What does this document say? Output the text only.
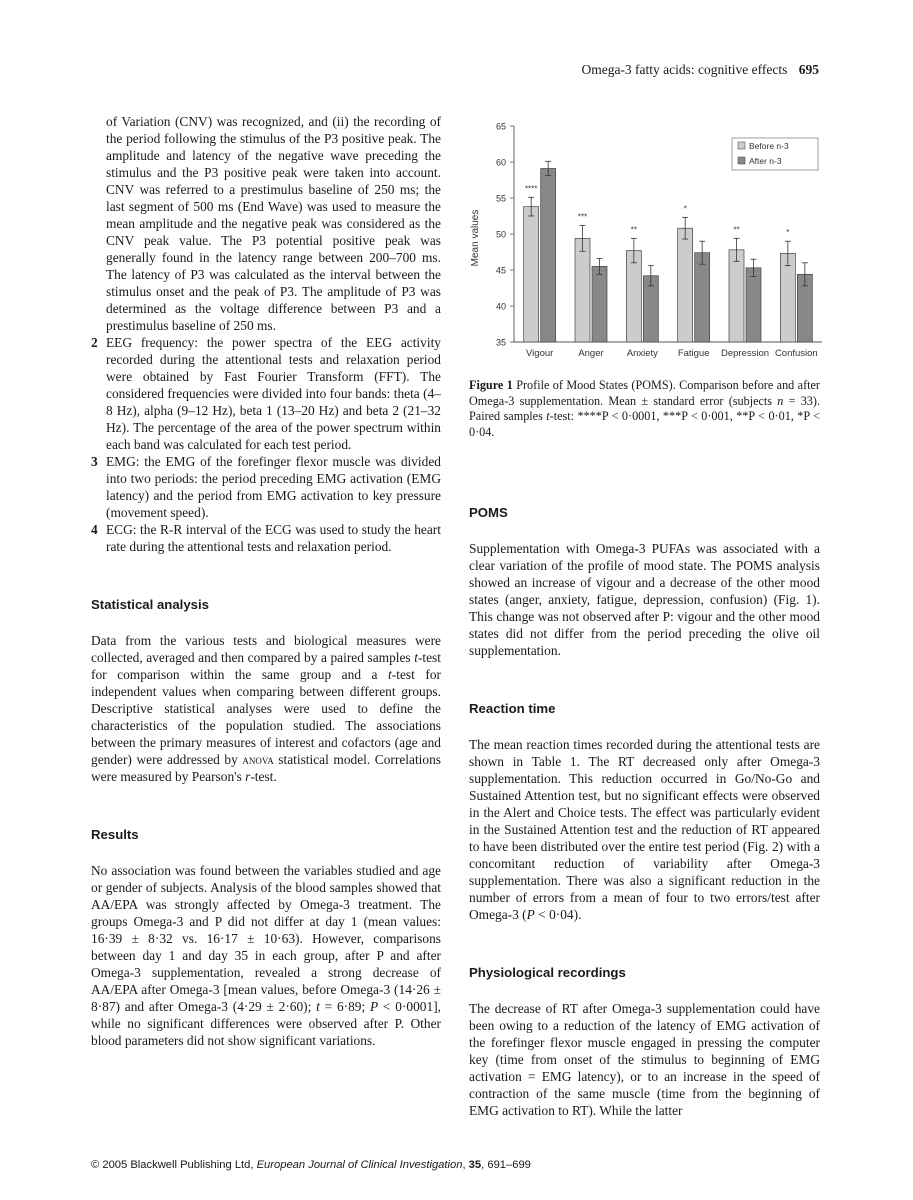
Omega-3 fatty acids: cognitive effects 695

of Variation (CNV) was recognized, and (ii) the recording of the period following the stimulus of the P3 positive peak. The amplitude and latency of the negative wave preceding the stimulus and the P3 positive peak were taken into account. CNV was referred to a prestimulus baseline of 250 ms; the last segment of 500 ms (End Wave) was used to measure the mean amplitude and the negative peak was considered as the CNV peak value. The P3 potential positive peak was generally found in the latency range between 200–700 ms. The latency of P3 was calculated as the interval between the stimulus onset and the peak of P3. The amplitude of P3 was determined as the voltage difference between P3 and a prestimulus baseline of 250 ms.

2 EEG frequency: the power spectra of the EEG activity recorded during the attentional tests and relaxation period were obtained by Fast Fourier Transform (FFT). The considered frequencies were divided into four bands: theta (4–8 Hz), alpha (9–12 Hz), beta 1 (13–20 Hz) and beta 2 (21–32 Hz). The percentage of the area of the power spectrum within each band was calculated for each test period.
3 EMG: the EMG of the forefinger flexor muscle was divided into two periods: the period preceding EMG activation (EMG latency) and the period from EMG activation to key pressure (movement speed).
4 ECG: the R-R interval of the ECG was used to study the heart rate during the attentional tests and relaxation period.
Statistical analysis

Data from the various tests and biological measures were collected, averaged and then compared by a paired samples t-test for comparison within the same group and a t-test for independent values when comparing between different groups. Descriptive statistical analyses were used to define the characteristics of the population studied. The associations between the primary measures of interest and cofactors (age and gender) were addressed by anova statistical model. Correlations were measured by Pearson's r-test.

Results

No association was found between the variables studied and age or gender of subjects. Analysis of the blood samples showed that AA/EPA was strongly affected by Omega-3 treatment. The groups Omega-3 and P did not differ at day 1 (mean values: 16·39 ± 8·32 vs. 16·17 ± 10·63). However, comparisons between day 1 and day 35 in each group, after P and after Omega-3 supplementation, revealed a strong decrease of AA/EPA after Omega-3 [mean values, before Omega-3 (14·26 ± 8·87) and after Omega-3 (4·29 ± 2·60); t = 6·89; P < 0·0001], while no significant differences were observed after P. Other blood parameters did not show significant variations.

35
40
45
50
55
60
65
****
Vigour
***
Anger
**
Anxiety
*
Fatigue
**
Depression
*
Confusion
Mean values
Before n-3
After n-3

Figure 1 Profile of Mood States (POMS). Comparison before and after Omega-3 supplementation. Mean ± standard error (subjects n = 33). Paired samples t-test: ****P < 0·0001, ***P < 0·001, **P < 0·01, *P < 0·04.

POMS

Supplementation with Omega-3 PUFAs was associated with a clear variation of the profile of mood state. The POMS analysis showed an increase of vigour and a decrease of the other mood states (anger, anxiety, fatigue, depression, confusion) (Fig. 1). This change was not observed after P: vigour and the other mood states did not differ from the period preceding the olive oil supplementation.

Reaction time

The mean reaction times recorded during the attentional tests are shown in Table 1. The RT decreased only after Omega-3 supplementation. This reduction occurred in Go/No-Go and Sustained Attention test, but no significant effects were observed in the Alert and Choice tests. The effect was particularly evident in the Sustained Attention test and the reduction of RT appeared to have been distributed over the entire test period (Fig. 2) with a concomitant reduction of variability after Omega-3 supplementation. There was also a significant reduction in the number of errors from a mean of four to two errors/test after Omega-3 (P < 0·04).

Physiological recordings

The decrease of RT after Omega-3 supplementation could have been owing to a reduction of the latency of EMG activation of the forefinger flexor muscle engaged in pressing the computer key (time from onset of the stimulus to beginning of EMG activation = EMG latency), or to an increase in the speed of contraction of the same muscle (time from the beginning of EMG activation to RT). While the latter

© 2005 Blackwell Publishing Ltd, European Journal of Clinical Investigation, 35, 691–699
